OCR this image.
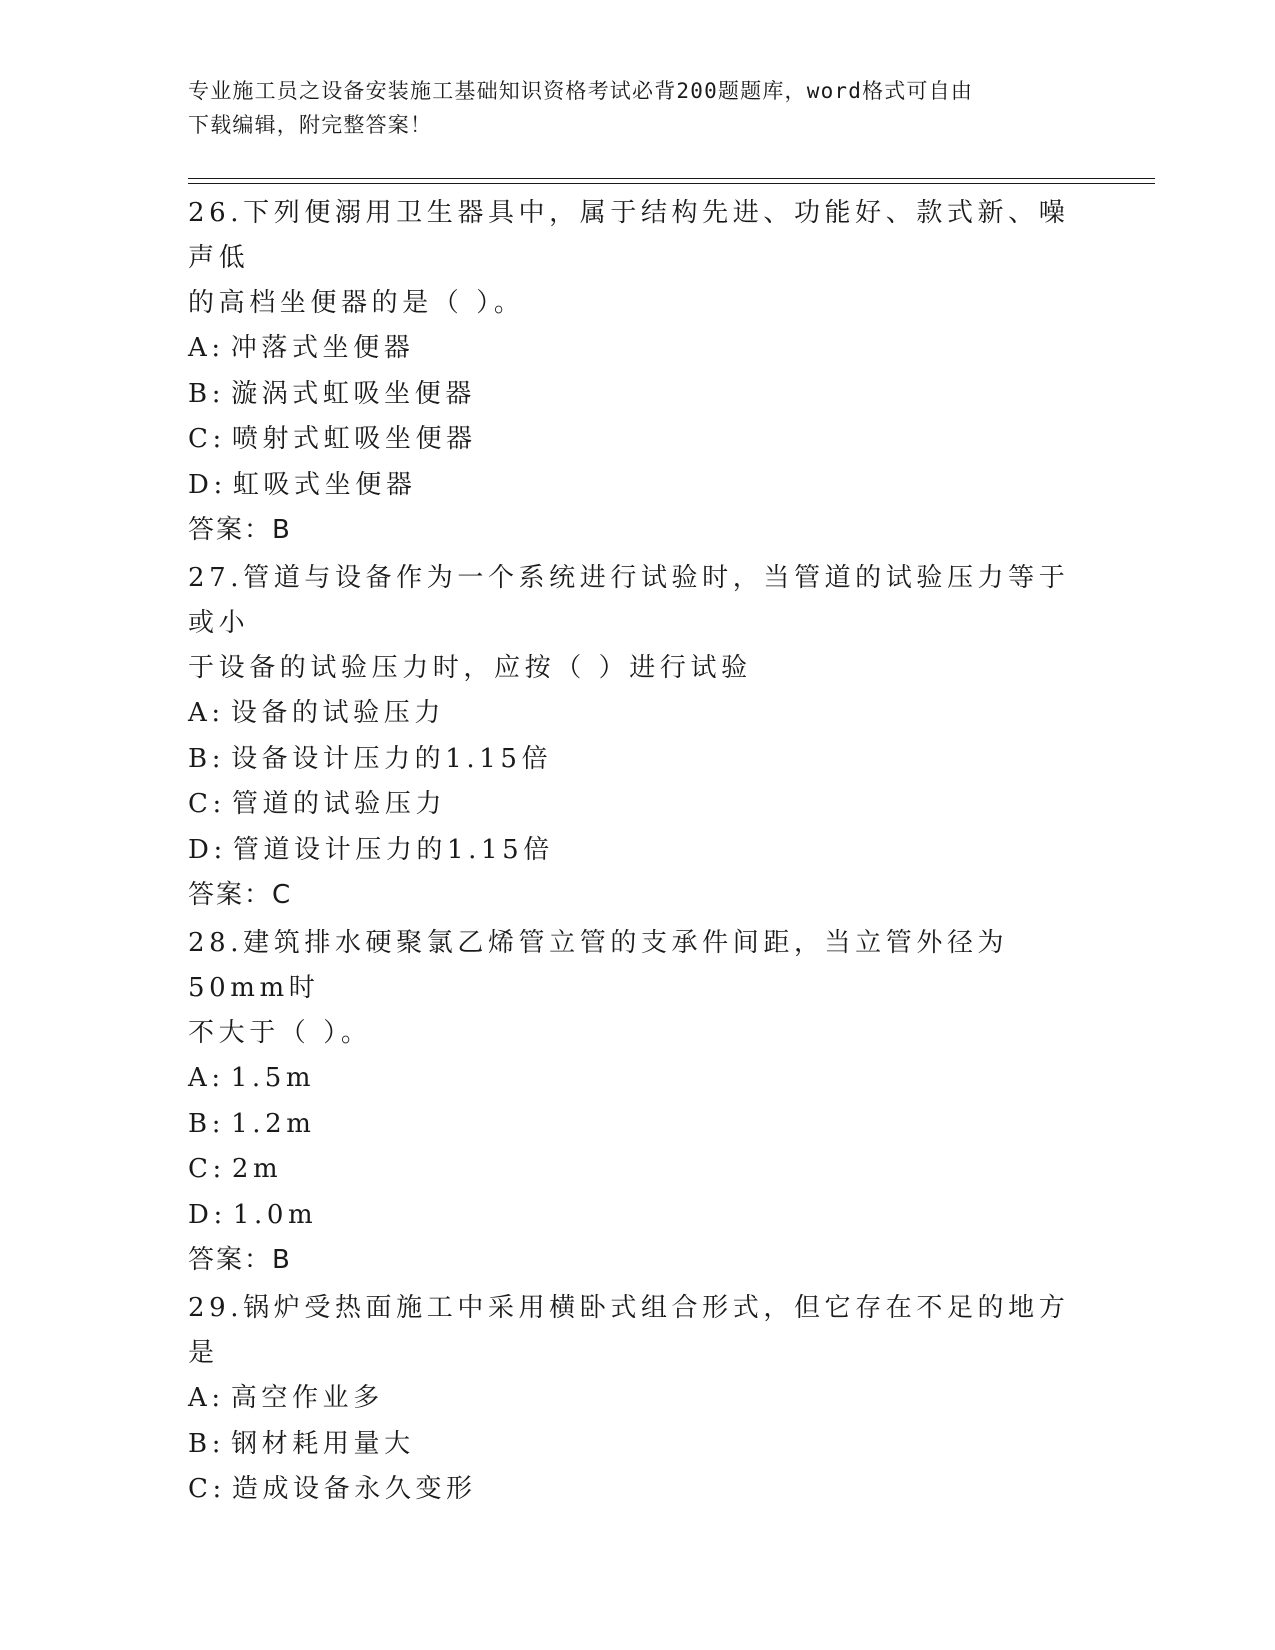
专业施工员之设备安装施工基础知识资格考试必背200题题库，word格式可自由
下载编辑，附完整答案！

26.下列便溺用卫生器具中，属于结构先进、功能好、款式新、噪声低

的高档坐便器的是（ ）。

A: 冲落式坐便器

B: 漩涡式虹吸坐便器

C: 喷射式虹吸坐便器

D: 虹吸式坐便器

答案：B

27.管道与设备作为一个系统进行试验时，当管道的试验压力等于或小

于设备的试验压力时，应按（ ）进行试验

A: 设备的试验压力

B: 设备设计压力的1.15倍

C: 管道的试验压力

D: 管道设计压力的1.15倍

答案：C

28.建筑排水硬聚氯乙烯管立管的支承件间距，当立管外径为50mm时

不大于（ ）。

A: 1.5m

B: 1.2m

C: 2m

D: 1.0m

答案：B

29.锅炉受热面施工中采用横卧式组合形式，但它存在不足的地方是

A: 高空作业多

B: 钢材耗用量大

C: 造成设备永久变形
